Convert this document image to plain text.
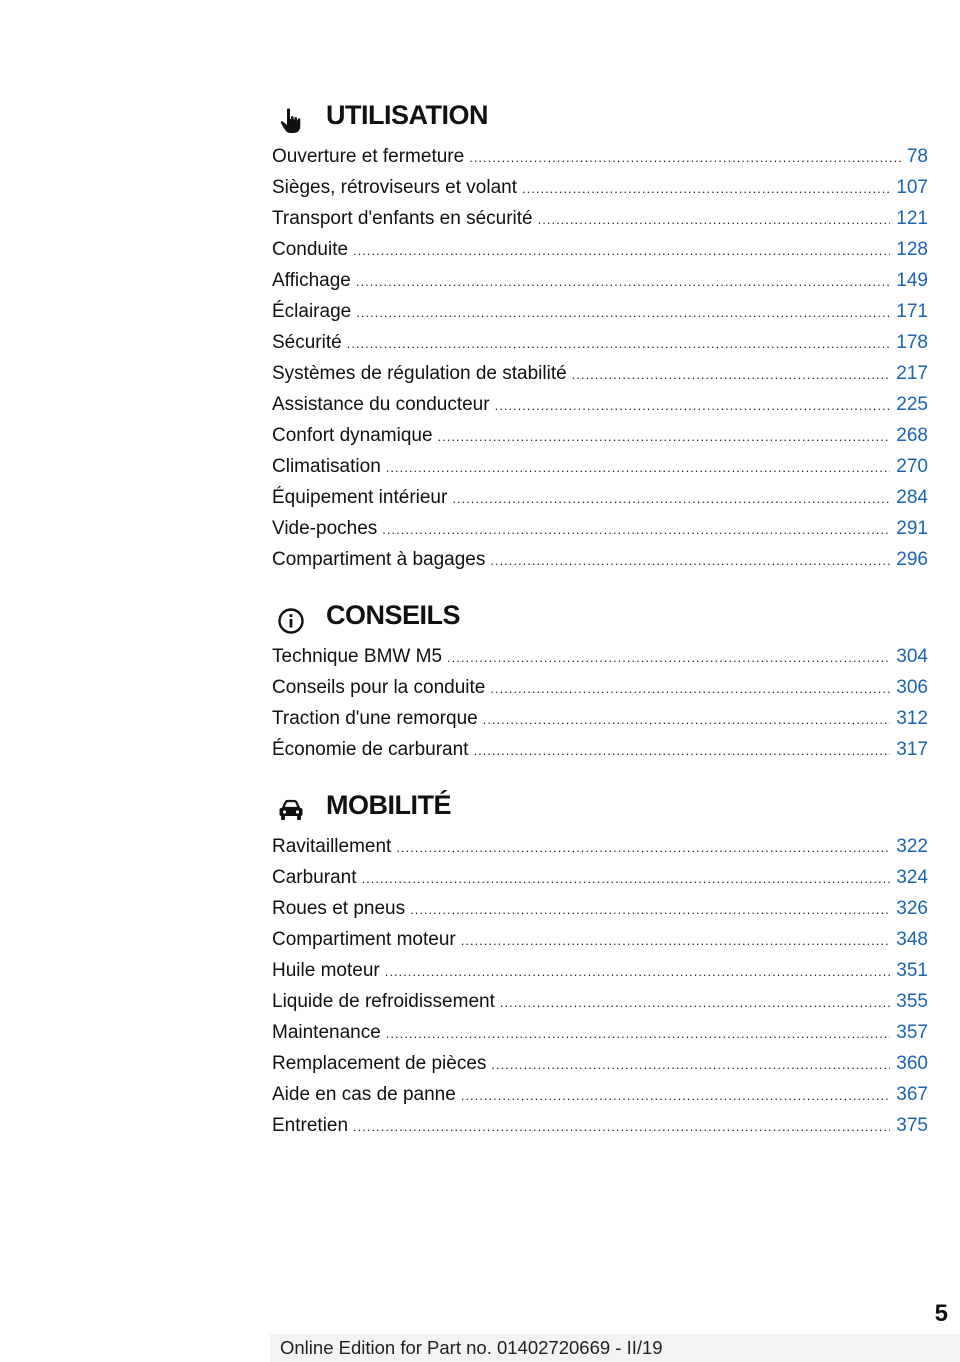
UTILISATION
Ouverture et fermeture .....	78
Sièges, rétroviseurs et volant .....	107
Transport d'enfants en sécurité .....	121
Conduite .....	128
Affichage .....	149
Éclairage .....	171
Sécurité .....	178
Systèmes de régulation de stabilité .....	217
Assistance du conducteur .....	225
Confort dynamique .....	268
Climatisation .....	270
Équipement intérieur .....	284
Vide-poches .....	291
Compartiment à bagages .....	296
CONSEILS
Technique BMW M5 .....	304
Conseils pour la conduite .....	306
Traction d'une remorque .....	312
Économie de carburant .....	317
MOBILITÉ
Ravitaillement .....	322
Carburant .....	324
Roues et pneus .....	326
Compartiment moteur .....	348
Huile moteur .....	351
Liquide de refroidissement .....	355
Maintenance .....	357
Remplacement de pièces .....	360
Aide en cas de panne .....	367
Entretien .....	375
5
Online Edition for Part no. 01402720669 - II/19
